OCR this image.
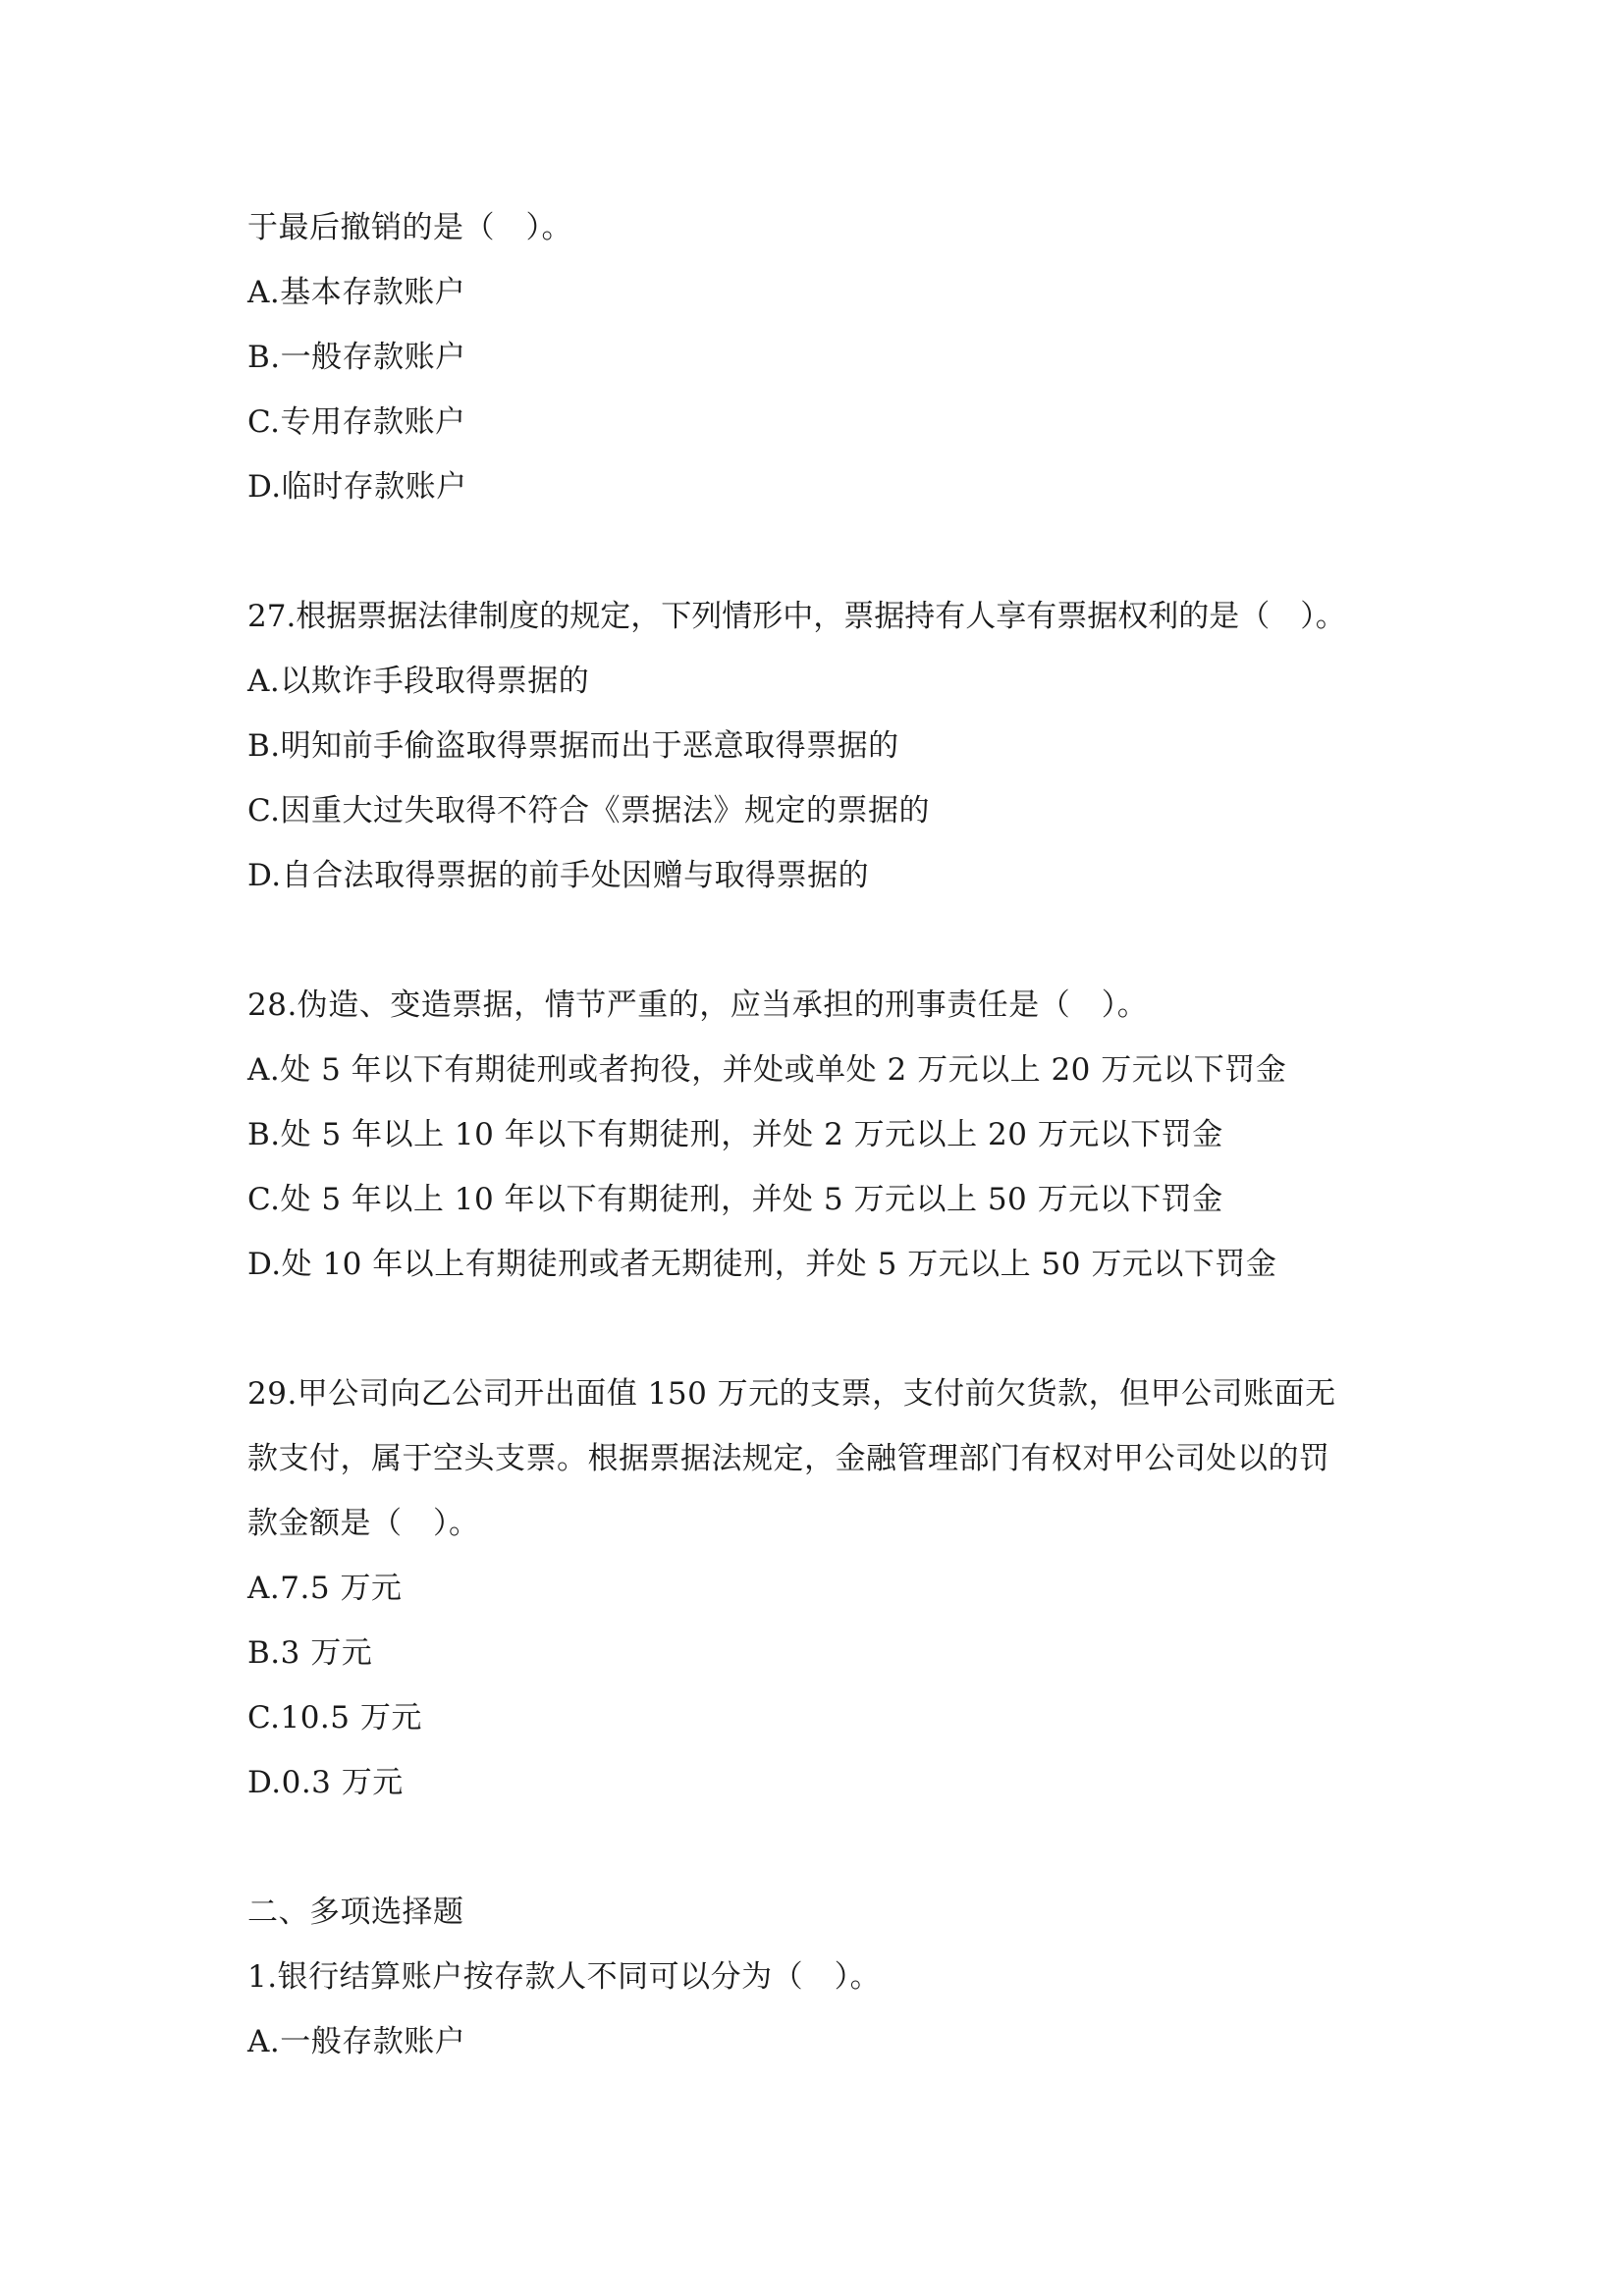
于最后撤销的是（　）。
A.基本存款账户
B.一般存款账户
C.专用存款账户
D.临时存款账户
27.根据票据法律制度的规定，下列情形中，票据持有人享有票据权利的是（　）。
A.以欺诈手段取得票据的
B.明知前手偷盗取得票据而出于恶意取得票据的
C.因重大过失取得不符合《票据法》规定的票据的
D.自合法取得票据的前手处因赠与取得票据的
28.伪造、变造票据，情节严重的，应当承担的刑事责任是（　）。
A.处 5 年以下有期徒刑或者拘役，并处或单处 2 万元以上 20 万元以下罚金
B.处 5 年以上 10 年以下有期徒刑，并处 2 万元以上 20 万元以下罚金
C.处 5 年以上 10 年以下有期徒刑，并处 5 万元以上 50 万元以下罚金
D.处 10 年以上有期徒刑或者无期徒刑，并处 5 万元以上 50 万元以下罚金
29.甲公司向乙公司开出面值 150 万元的支票，支付前欠货款，但甲公司账面无
款支付，属于空头支票。根据票据法规定，金融管理部门有权对甲公司处以的罚
款金额是（　）。
A.7.5 万元
B.3 万元
C.10.5 万元
D.0.3 万元
二、多项选择题
1.银行结算账户按存款人不同可以分为（　）。
A.一般存款账户
